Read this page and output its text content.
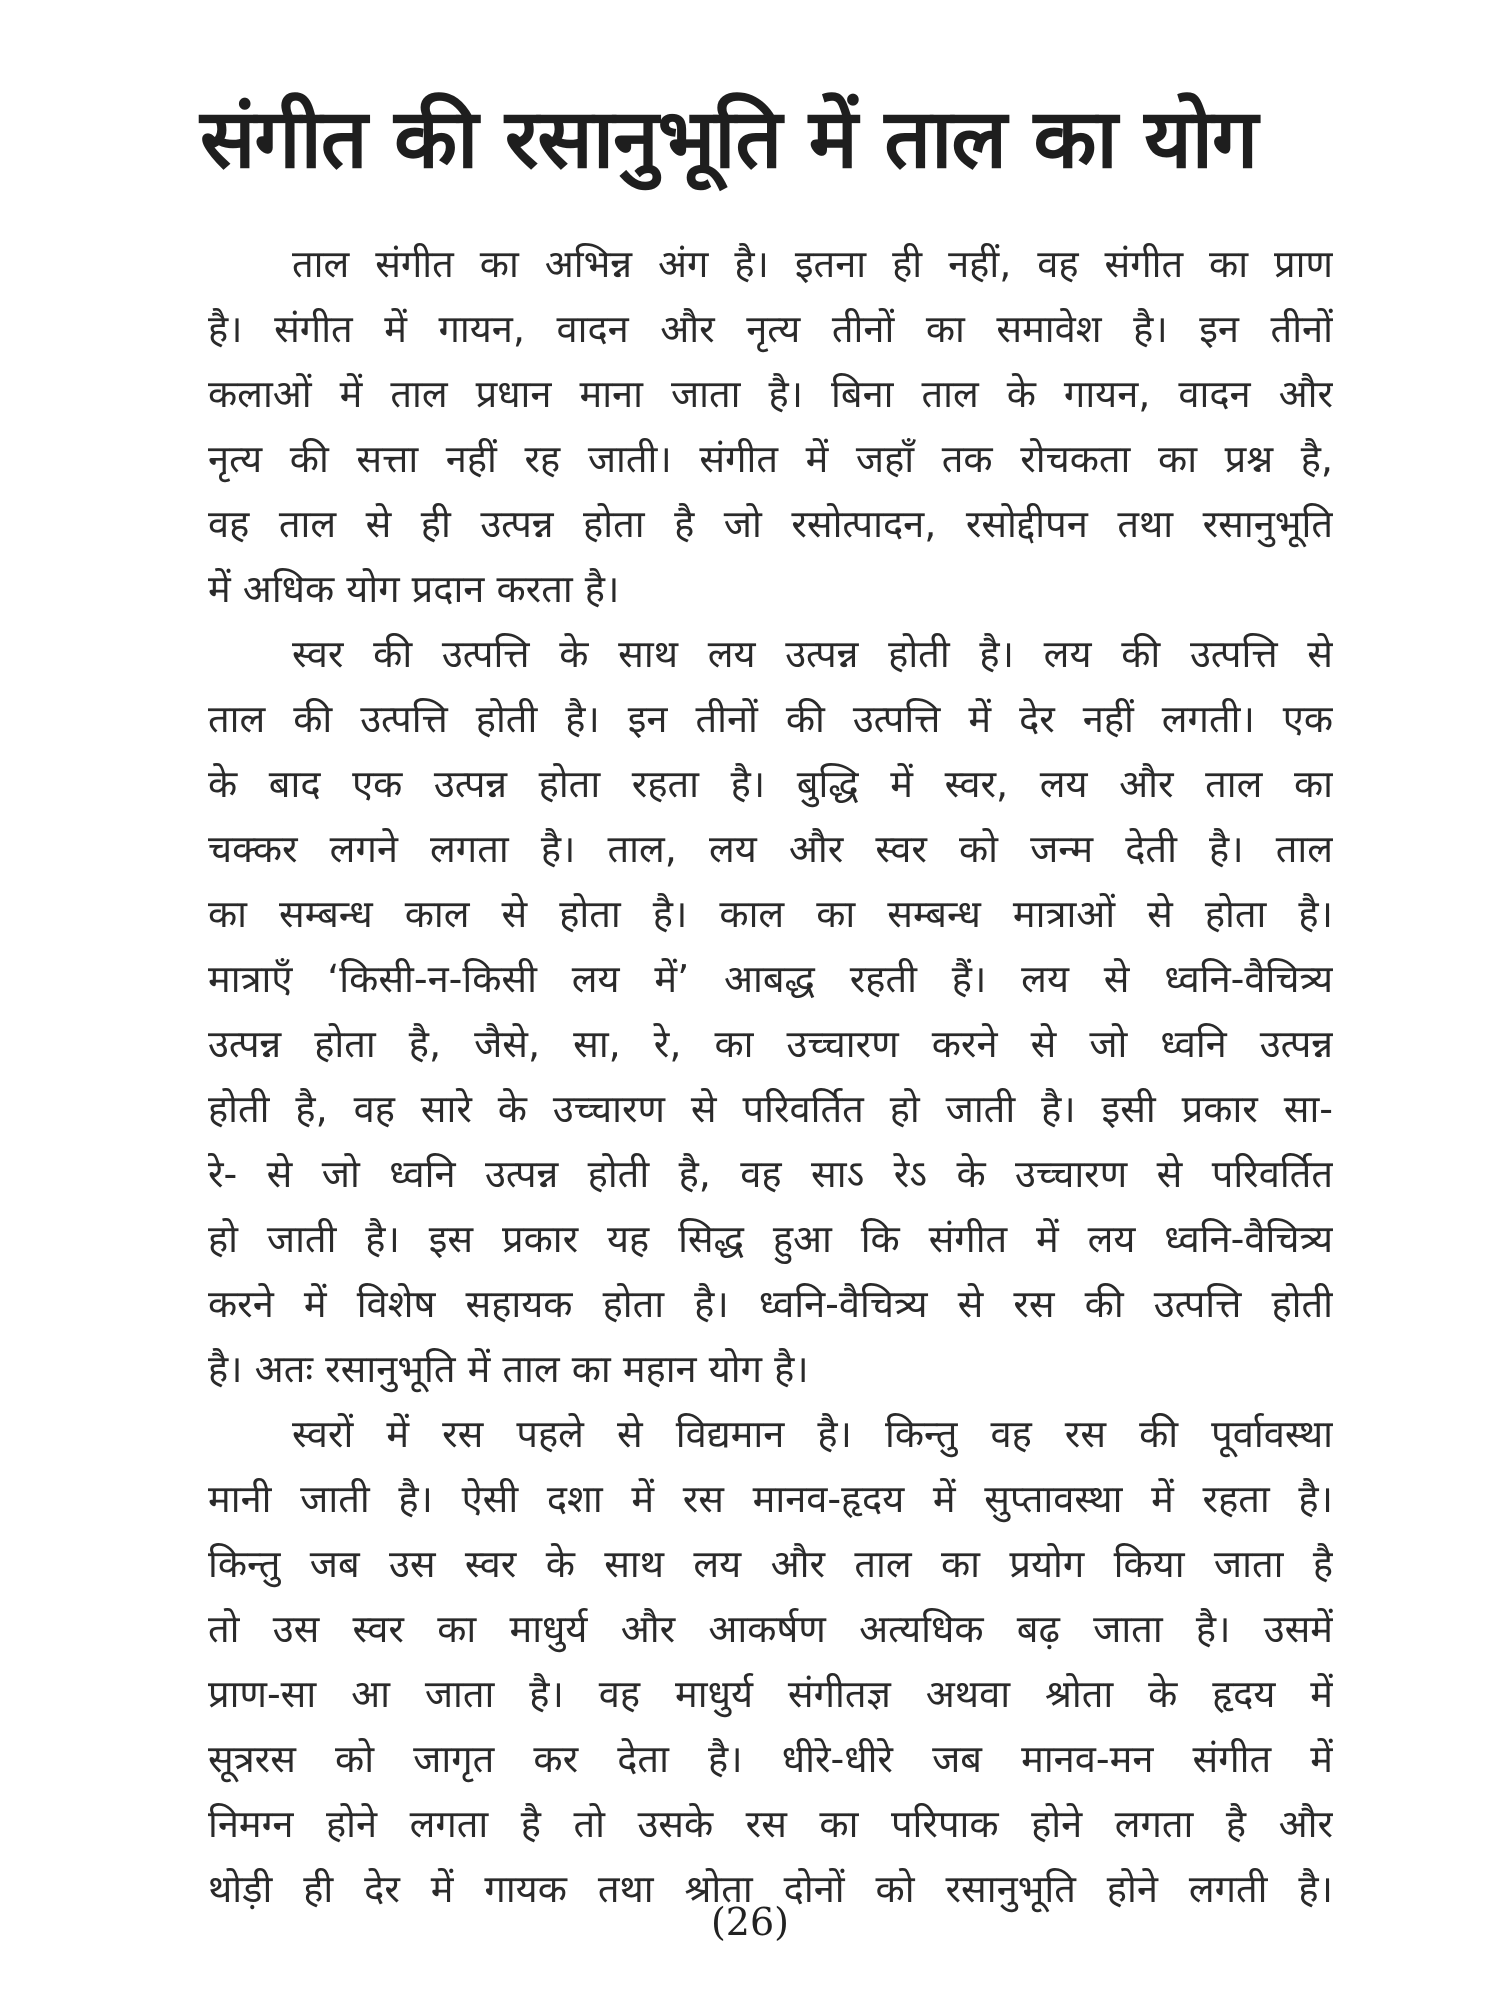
संगीत की रसानुभूति में ताल का योग
ताल संगीत का अभिन्न अंग है। इतना ही नहीं, वह संगीत का प्राण
है। संगीत में गायन, वादन और नृत्य तीनों का समावेश है। इन तीनों
कलाओं में ताल प्रधान माना जाता है। बिना ताल के गायन, वादन और
नृत्य की सत्ता नहीं रह जाती। संगीत में जहाँ तक रोचकता का प्रश्न है,
वह ताल से ही उत्पन्न होता है जो रसोत्पादन, रसोद्दीपन तथा रसानुभूति
में अधिक योग प्रदान करता है।
स्वर की उत्पत्ति के साथ लय उत्पन्न होती है। लय की उत्पत्ति से
ताल की उत्पत्ति होती है। इन तीनों की उत्पत्ति में देर नहीं लगती। एक
के बाद एक उत्पन्न होता रहता है। बुद्धि में स्वर, लय और ताल का
चक्कर लगने लगता है। ताल, लय और स्वर को जन्म देती है। ताल
का सम्बन्ध काल से होता है। काल का सम्बन्ध मात्राओं से होता है।
मात्राएँ ‘किसी-न-किसी लय में’ आबद्ध रहती हैं। लय से ध्वनि-वैचित्र्य
उत्पन्न होता है, जैसे, सा, रे, का उच्चारण करने से जो ध्वनि उत्पन्न
होती है, वह सारे के उच्चारण से परिवर्तित हो जाती है। इसी प्रकार सा-
रे- से जो ध्वनि उत्पन्न होती है, वह साऽ रेऽ के उच्चारण से परिवर्तित
हो जाती है। इस प्रकार यह सिद्ध हुआ कि संगीत में लय ध्वनि-वैचित्र्य
करने में विशेष सहायक होता है। ध्वनि-वैचित्र्य से रस की उत्पत्ति होती
है। अतः रसानुभूति में ताल का महान योग है।
स्वरों में रस पहले से विद्यमान है। किन्तु वह रस की पूर्वावस्था
मानी जाती है। ऐसी दशा में रस मानव-हृदय में सुप्तावस्था में रहता है।
किन्तु जब उस स्वर के साथ लय और ताल का प्रयोग किया जाता है
तो उस स्वर का माधुर्य और आकर्षण अत्यधिक बढ़ जाता है। उसमें
प्राण-सा आ जाता है। वह माधुर्य संगीतज्ञ अथवा श्रोता के हृदय में
सूत्ररस को जागृत कर देता है। धीरे-धीरे जब मानव-मन संगीत में
निमग्न होने लगता है तो उसके रस का परिपाक होने लगता है और
थोड़ी ही देर में गायक तथा श्रोता दोनों को रसानुभूति होने लगती है।
(26)
